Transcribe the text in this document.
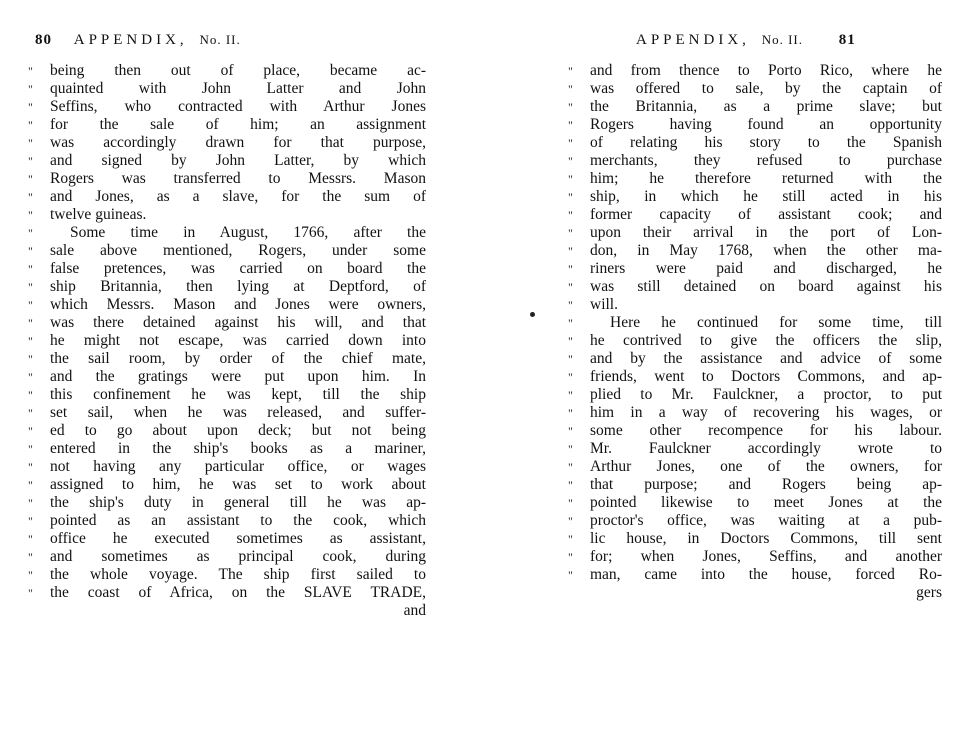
80 APPENDIX, No. II.
" being then out of place, became ac-
" quainted with John Latter and John
" Seffins, who contracted with Arthur Jones
" for the sale of him; an assignment
" was accordingly drawn for that purpose,
" and signed by John Latter, by which
" Rogers was transferred to Messrs. Mason
" and Jones, as a slave, for the sum of
" twelve guineas.
" Some time in August, 1766, after the
" sale above mentioned, Rogers, under some
" false pretences, was carried on board the
" ship Britannia, then lying at Deptford, of
" which Messrs. Mason and Jones were owners,
" was there detained against his will, and that
" he might not escape, was carried down into
" the sail room, by order of the chief mate,
" and the gratings were put upon him. In
" this confinement he was kept, till the ship
" set sail, when he was released, and suffer-
" ed to go about upon deck; but not being
" entered in the ship's books as a mariner,
" not having any particular office, or wages
" assigned to him, he was set to work about
" the ship's duty in general till he was ap-
" pointed as an assistant to the cook, which
" office he executed sometimes as assistant,
" and sometimes as principal cook, during
" the whole voyage. The ship first sailed to
" the coast of Africa, on the SLAVE TRADE,
and
APPENDIX, No. II. 81
" and from thence to Porto Rico, where he
" was offered to sale, by the captain of
" the Britannia, as a prime slave; but
" Rogers having found an opportunity
" of relating his story to the Spanish
" merchants, they refused to purchase
" him; he therefore returned with the
" ship, in which he still acted in his
" former capacity of assistant cook; and
" upon their arrival in the port of Lon-
" don, in May 1768, when the other ma-
" riners were paid and discharged, he
" was still detained on board against his
" will.
" Here he continued for some time, till
" he contrived to give the officers the slip,
" and by the assistance and advice of some
" friends, went to Doctors Commons, and ap-
" plied to Mr. Faulckner, a proctor, to put
" him in a way of recovering his wages, or
" some other recompence for his labour.
" Mr. Faulckner accordingly wrote to
" Arthur Jones, one of the owners, for
" that purpose; and Rogers being ap-
" pointed likewise to meet Jones at the
" proctor's office, was waiting at a pub-
" lic house, in Doctors Commons, till sent
" for; when Jones, Seffins, and another
" man, came into the house, forced Ro-
gers
